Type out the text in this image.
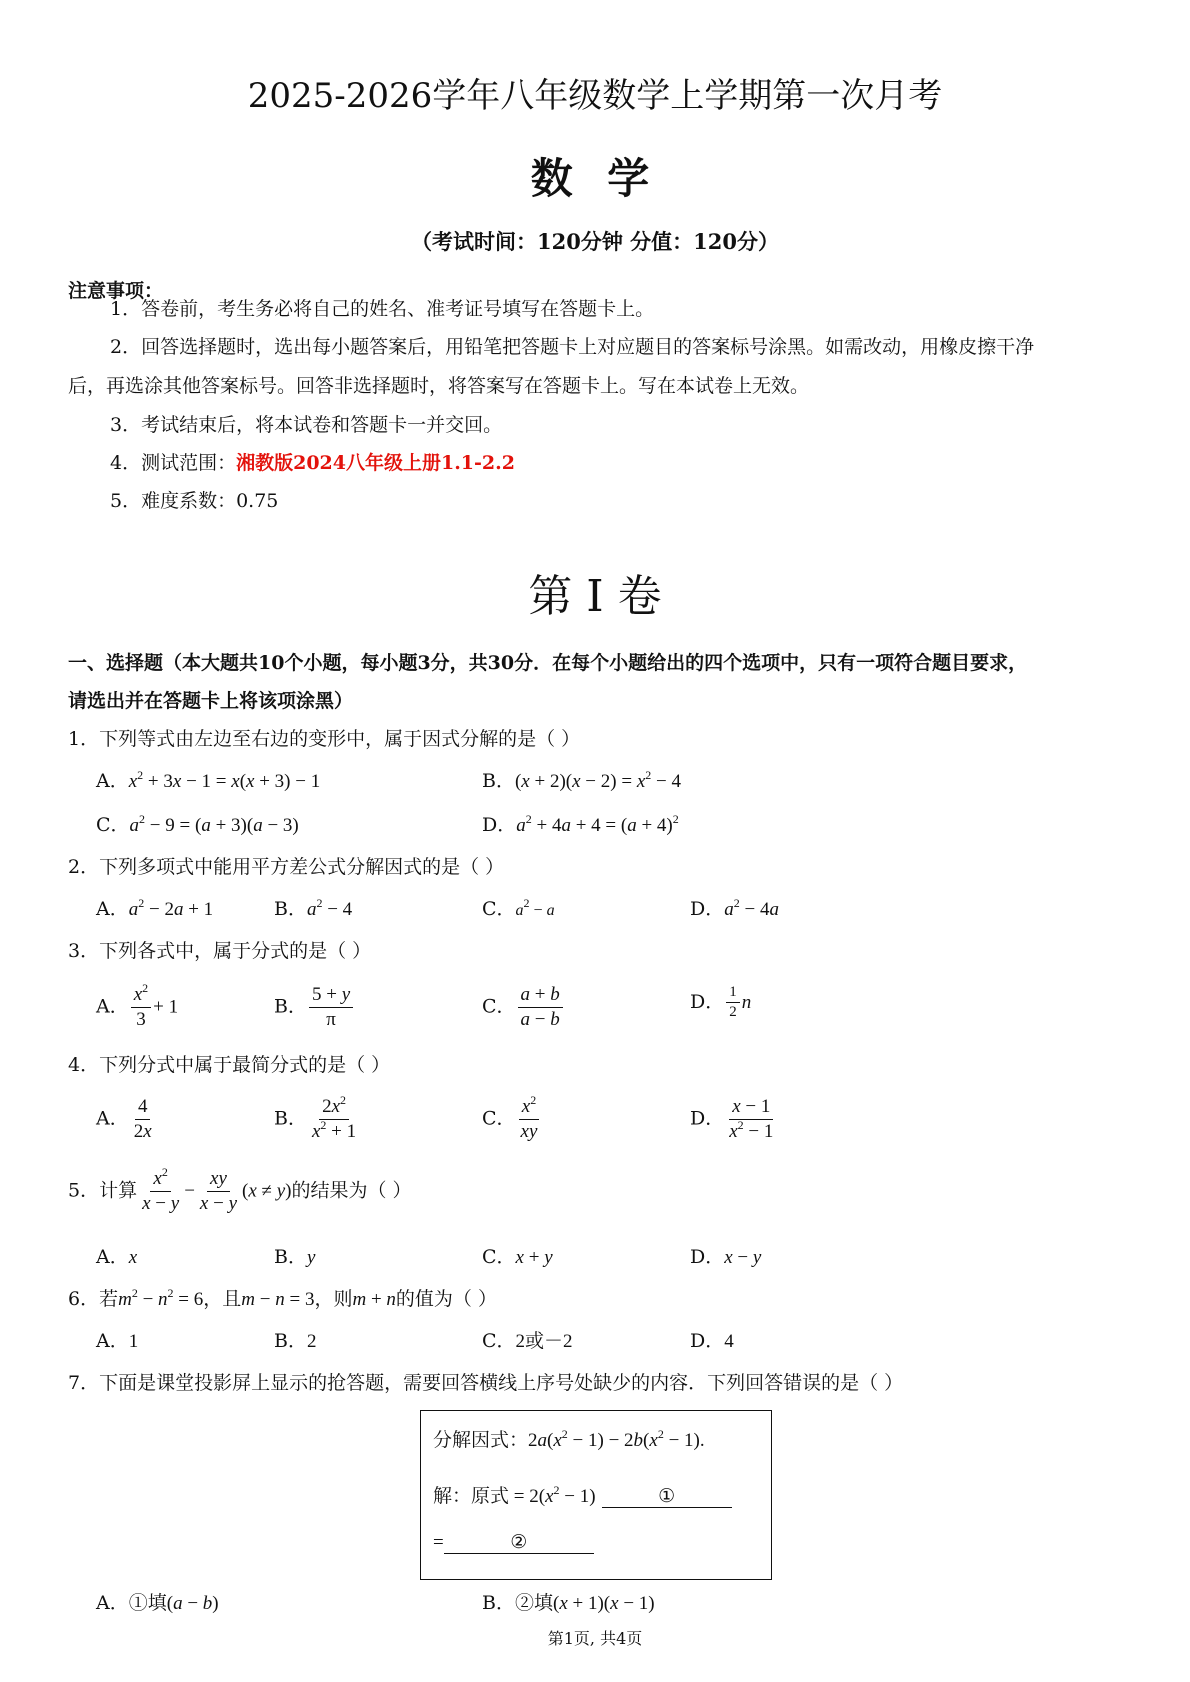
2025-2026学年八年级数学上学期第一次月考
数 学
（考试时间：120分钟 分值：120分）
注意事项：
1．答卷前，考生务必将自己的姓名、准考证号填写在答题卡上。
2．回答选择题时，选出每小题答案后，用铅笔把答题卡上对应题目的答案标号涂黑。如需改动，用橡皮擦干净
后，再选涂其他答案标号。回答非选择题时，将答案写在答题卡上。写在本试卷上无效。
3．考试结束后，将本试卷和答题卡一并交回。
4．测试范围：湘教版2024八年级上册1.1-2.2
5．难度系数：0.75
第 I 卷
一、选择题（本大题共10个小题，每小题3分，共30分．在每个小题给出的四个选项中，只有一项符合题目要求，
请选出并在答题卡上将该项涂黑）
1．下列等式由左边至右边的变形中，属于因式分解的是（ ）
A．$x^2 + 3x - 1 = x(x + 3) - 1$	B．$(x + 2)(x - 2) = x^2 - 4$
C．$a^2 - 9 = (a + 3)(a - 3)$	D．$a^2 + 4a + 4 = (a + 4)^2$
2．下列多项式中能用平方差公式分解因式的是（ ）
A．$a^2 - 2a + 1$	B．$a^2 - 4$	C．$a^2 - a$	D．$a^2 - 4a$
3．下列各式中，属于分式的是（ ）
A． $\frac{x^2}{3} + 1$	B． $\frac{5 + y}{\pi}$	C． $\frac{a + b}{a - b}$	D． $\frac{1}{2}$ n
4．下列分式中属于最简分式的是（ ）
A． $\frac{4}{2x}$	B． $\frac{2x^2}{x^2 + 1}$	C． $\frac{x^2}{xy}$	D． $\frac{x - 1}{x^2 - 1}$
5．计算 $\frac{x^2}{x - y} - \frac{xy}{x - y} (x \ne y)$的结果为（ ）
A．x	B．y	C．x + y	D．x − y
6．若$m^2 - n^2 = 6$，且m − n = 3，则m + n的值为（ ）
A．1	B．2	C．2或－2	D．4
7．下面是课堂投影屏上显示的抢答题，需要回答横线上序号处缺少的内容．下列回答错误的是（ ）
分解因式：$2a(x^2 - 1) - 2b(x^2 - 1)$.
解：原式 = $2(x^2 - 1)$	①
=	②
A．①填(a − b)	B．②填(x + 1)(x − 1)
第1页, 共4页
